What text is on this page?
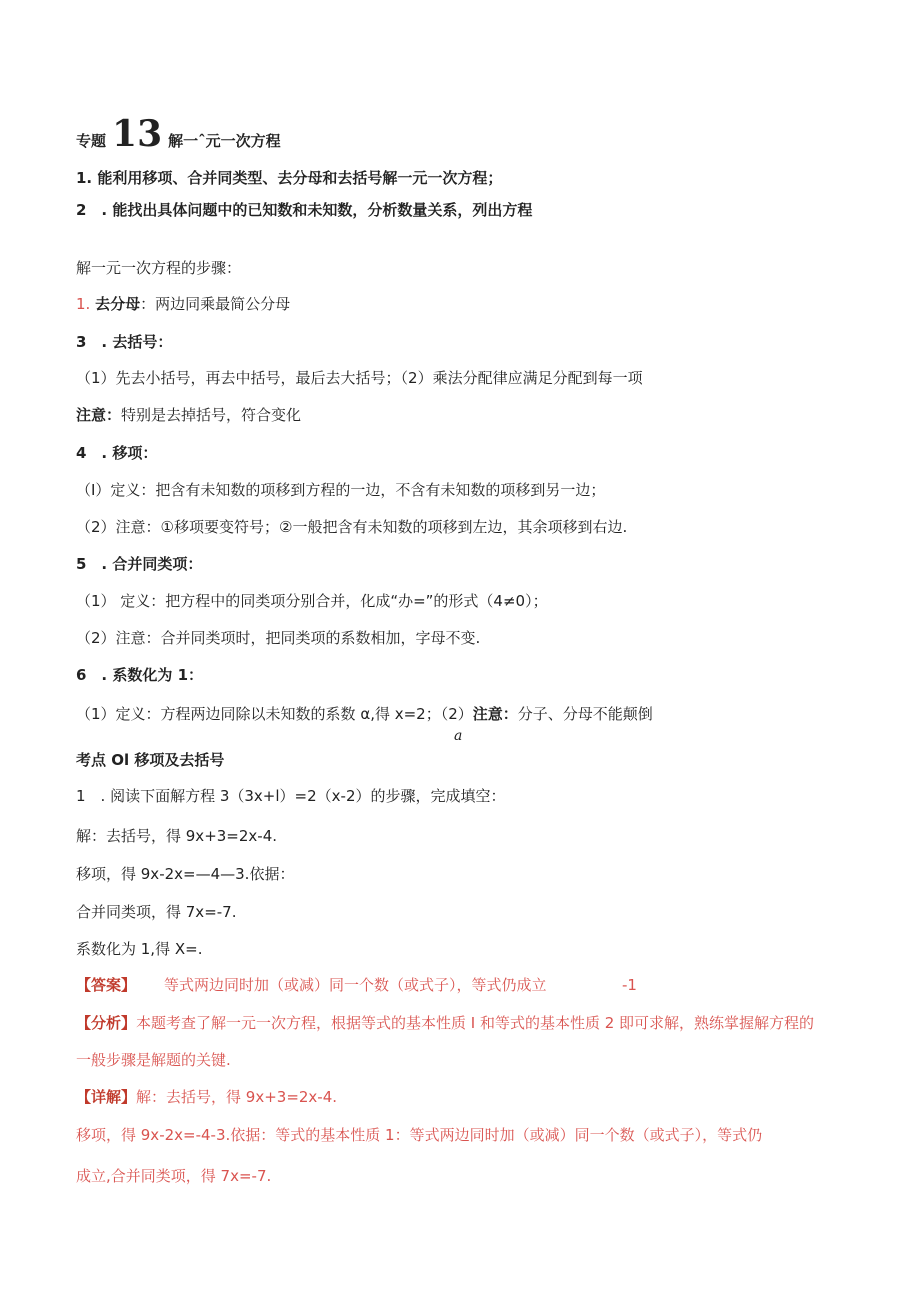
专题 13 解一ˆ元一次方程
1. 能利用移项、合并同类型、去分母和去括号解一元一次方程；
2　. 能找出具体问题中的已知数和未知数，分析数量关系，列出方程
解一元一次方程的步骤：
1. 去分母：两边同乘最简公分母
3　. 去括号：
（1）先去小括号，再去中括号，最后去大括号；（2）乘法分配律应满足分配到每一项
注意：特别是去掉括号，符合变化
4　. 移项：
（I）定义：把含有未知数的项移到方程的一边，不含有未知数的项移到另一边；
（2）注意：①移项要变符号；②一般把含有未知数的项移到左边，其余项移到右边.
5　. 合并同类项：
（1） 定义：把方程中的同类项分别合并，化成“办=”的形式（4≠0）；
（2）注意：合并同类项时，把同类项的系数相加，字母不变.
6　. 系数化为 1：
（1）定义：方程两边同除以未知数的系数 α,得 x=2；（2）注意：分子、分母不能颠倒
a
考点 Ol 移项及去括号
1　. 阅读下面解方程 3（3x+l）=2（x-2）的步骤，完成填空：
解：去括号，得 9x+3=2x-4.
移项，得 9x-2x=—4—3.依据：
合并同类项，得 7x=-7.
系数化为 1,得 X=.
【答案】 等式两边同时加（或减）同一个数（或式子），等式仍成立	-1
【分析】本题考查了解一元一次方程，根据等式的基本性质 I 和等式的基本性质 2 即可求解，熟练掌握解方程的
一般步骤是解题的关键.
【详解】解：去括号，得 9x+3=2x-4.
移项，得 9x-2x=-4-3.依据：等式的基本性质 1：等式两边同时加（或减）同一个数（或式子），等式仍
成立,合并同类项，得 7x=-7.
